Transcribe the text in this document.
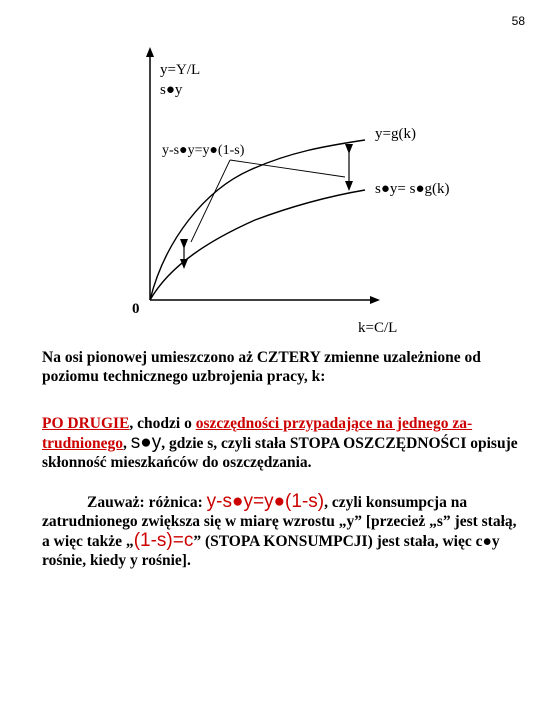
58
y=Y/L
s●y
y-s●y=y●(1-s)
y=g(k)
s●y= s●g(k)
0
k=C/L

Na osi pionowej umieszczono aż CZTERY zmienne uzależnione od poziomu technicznego uzbrojenia pracy, k:

PO DRUGIE, chodzi o oszczędności przypadające na jednego za-trudnionego, s●y, gdzie s, czyli stała STOPA OSZCZĘDNOŚCI opisuje skłonność mieszkańców do oszczędzania.

Zauważ: różnica: y-s●y=y●(1-s), czyli konsumpcja na zatrudnionego zwiększa się w miarę wzrostu „y” [przecież „s” jest stałą, a więc także „(1-s)=c” (STOPA KONSUMPCJI) jest stała, więc c●y rośnie, kiedy y rośnie].
